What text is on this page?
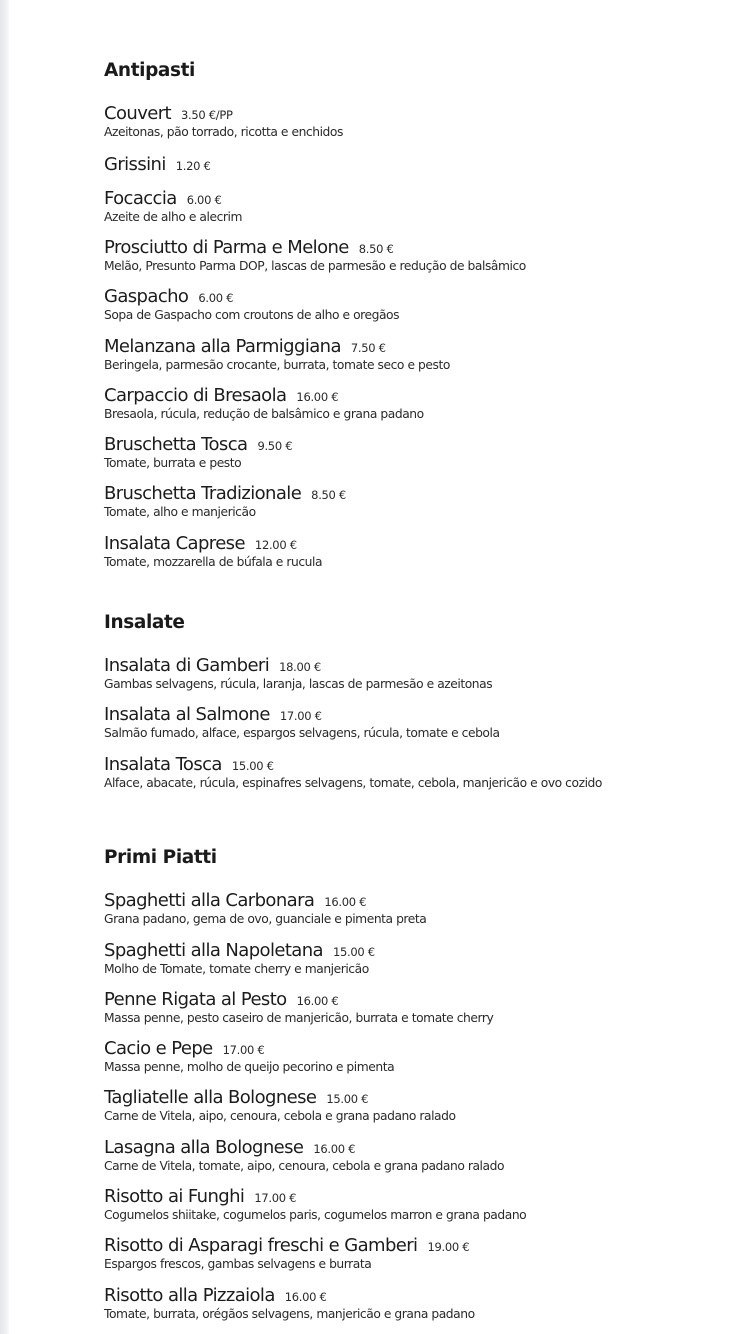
Antipasti
Couvert 3.50 €/PP
Azeitonas, pão torrado, ricotta e enchidos
Grissini 1.20 €
Focaccia 6.00 €
Azeite de alho e alecrim
Prosciutto di Parma e Melone 8.50 €
Melão, Presunto Parma DOP, lascas de parmesão e redução de balsâmico
Gaspacho 6.00 €
Sopa de Gaspacho com croutons de alho e oregãos
Melanzana alla Parmiggiana 7.50 €
Beringela, parmesão crocante, burrata, tomate seco e pesto
Carpaccio di Bresaola 16.00 €
Bresaola, rúcula, redução de balsâmico e grana padano
Bruschetta Tosca 9.50 €
Tomate, burrata e pesto
Bruschetta Tradizionale 8.50 €
Tomate, alho e manjericão
Insalata Caprese 12.00 €
Tomate, mozzarella de búfala e rucula
Insalate
Insalata di Gamberi 18.00 €
Gambas selvagens, rúcula, laranja, lascas de parmesão e azeitonas
Insalata al Salmone 17.00 €
Salmão fumado, alface, espargos selvagens, rúcula, tomate e cebola
Insalata Tosca 15.00 €
Alface, abacate, rúcula, espinafres selvagens, tomate, cebola, manjericão e ovo cozido
Primi Piatti
Spaghetti alla Carbonara 16.00 €
Grana padano, gema de ovo, guanciale e pimenta preta
Spaghetti alla Napoletana 15.00 €
Molho de Tomate, tomate cherry e manjericão
Penne Rigata al Pesto 16.00 €
Massa penne, pesto caseiro de manjericão, burrata e tomate cherry
Cacio e Pepe 17.00 €
Massa penne, molho de queijo pecorino e pimenta
Tagliatelle alla Bolognese 15.00 €
Carne de Vitela, aipo, cenoura, cebola e grana padano ralado
Lasagna alla Bolognese 16.00 €
Carne de Vitela, tomate, aipo, cenoura, cebola e grana padano ralado
Risotto ai Funghi 17.00 €
Cogumelos shiitake, cogumelos paris, cogumelos marron e grana padano
Risotto di Asparagi freschi e Gamberi 19.00 €
Espargos frescos, gambas selvagens e burrata
Risotto alla Pizzaiola 16.00 €
Tomate, burrata, orégãos selvagens, manjericão e grana padano
